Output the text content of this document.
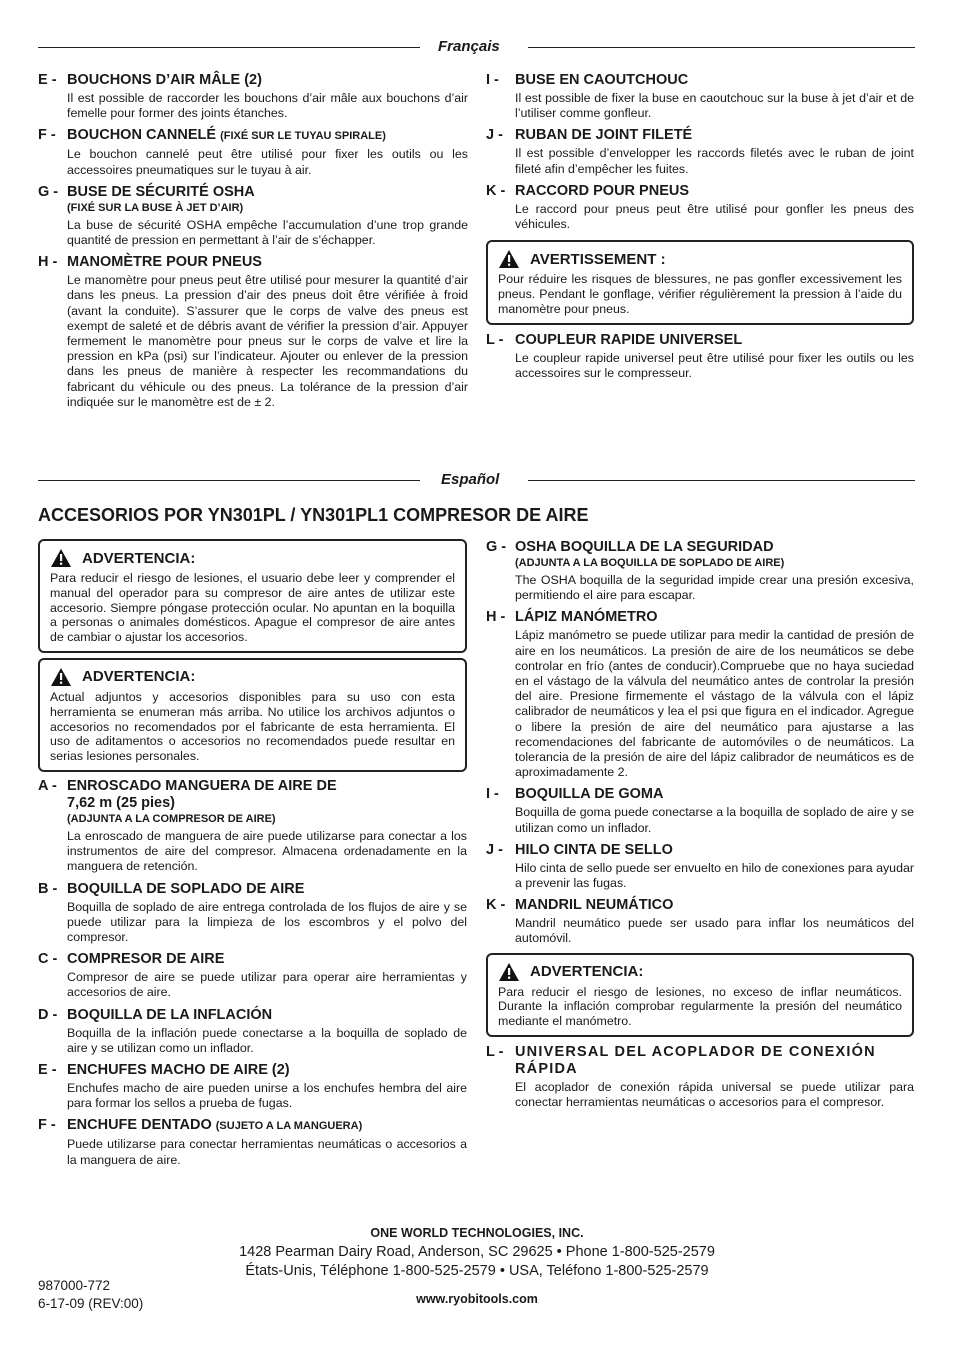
Français
E - BOUCHONS D’AIR MÂLE (2)
Il est possible de raccorder les bouchons d’air mâle aux bouchons d’air femelle pour former des joints étanches.
F - BOUCHON CANNELÉ (FIXÉ SUR LE TUYAU SPIRALE)
Le bouchon cannelé peut être utilisé pour fixer les outils ou les accessoires pneumatiques sur le tuyau à air.
G - BUSE DE SÉCURITÉ OSHA
(FIXÉ SUR LA BUSE À JET D’AIR)
La buse de sécurité OSHA empêche l’accumulation d’une trop grande quantité de pression en permettant à l’air de s’échapper.
H - MANOMÈTRE POUR PNEUS
Le manomètre pour pneus peut être utilisé pour mesurer la quantité d’air dans les pneus. La pression d’air des pneus doit être vérifiée à froid (avant la conduite). S’assurer que le corps de valve des pneus est exempt de saleté et de débris avant de vérifier la pression d’air. Appuyer fermement le manomètre pour pneus sur le corps de valve et lire la pression en kPa (psi) sur l’indicateur. Ajouter ou enlever de la pression dans les pneus de manière à respecter les recommandations du fabricant du véhicule ou des pneus. La tolérance de la pression d’air indiquée sur le manomètre est de ± 2.
I -	BUSE EN CAOUTCHOUC
Il est possible de fixer la buse en caoutchouc sur la buse à jet d’air et de l’utiliser comme gonfleur.
J - RUBAN DE JOINT FILETÉ
Il est possible d’envelopper les raccords filetés avec le ruban de joint fileté afin d’empêcher les fuites.
K - RACCORD POUR PNEUS
Le raccord pour pneus peut être utilisé pour gonfler les pneus des véhicules.
AVERTISSEMENT :
Pour réduire les risques de blessures, ne pas gonfler excessivement les pneus. Pendant le gonflage, vérifier régulièrement la pression à l’aide du manomètre pour pneus.
L - COUPLEUR RAPIDE UNIVERSEL
Le coupleur rapide universel peut être utilisé pour fixer les outils ou les accessoires sur le compresseur.
Español
ACCESORIOS POR YN301PL / YN301PL1 COMPRESOR DE AIRE
ADVERTENCIA:
Para reducir el riesgo de lesiones, el usuario debe leer y comprender el manual del operador para su compresor de aire antes de utilizar este accesorio. Siempre póngase protección ocular. No apuntan en la boquilla a personas o animales domésticos. Apague el compresor de aire antes de cambiar o ajustar los accesorios.
ADVERTENCIA:
Actual adjuntos y accesorios disponibles para su uso con esta herramienta se enumeran más arriba. No utilice los archivos adjuntos o accesorios no recomendados por el fabricante de esta herramienta. El uso de aditamentos o accesorios no recomendados puede resultar en serias lesiones personales.
A - ENROSCADO MANGUERA DE AIRE DE 7,62 m (25 pies)
(ADJUNTA A LA COMPRESOR DE AIRE)
La enroscado de manguera de aire puede utilizarse para conectar a los instrumentos de aire del compresor. Almacena ordenadamente en la manguera de retención.
B - BOQUILLA DE SOPLADO DE AIRE
Boquilla de soplado de aire entrega controlada de los flujos de aire y se puede utilizar para la limpieza de los escombros y el polvo del compresor.
C - COMPRESOR DE AIRE
Compresor de aire se puede utilizar para operar aire herramientas y accesorios de aire.
D - BOQUILLA DE LA INFLACIÓN
Boquilla de la inflación puede conectarse a la boquilla de soplado de aire y se utilizan como un inflador.
E - ENCHUFES MACHO DE AIRE (2)
Enchufes macho de aire pueden unirse a los enchufes hembra del aire para formar los sellos a prueba de fugas.
F - ENCHUFE DENTADO (SUJETO A LA MANGUERA)
Puede utilizarse para conectar herramientas neumáticas o accesorios a la manguera de aire.
G - OSHA BOQUILLA DE LA SEGURIDAD
(ADJUNTA A LA BOQUILLA DE SOPLADO DE AIRE)
The OSHA boquilla de la seguridad impide crear una presión excesiva, permitiendo el aire para escapar.
H - LÁPIZ MANÓMETRO
Lápiz manómetro se puede utilizar para medir la cantidad de presión de aire en los neumáticos. La presión de aire de los neumáticos se debe controlar en frío (antes de conducir).Compruebe que no haya suciedad en el vástago de la válvula del neumático antes de controlar la presión del aire. Presione firmemente el vástago de la válvula con el lápiz calibrador de neumáticos y lea el psi que figura en el indicador. Agregue o libere la presión de aire del neumático para ajustarse a las recomendaciones del fabricante de automóviles o de neumáticos. La tolerancia de la presión de aire del lápiz calibrador de neumáticos es de aproximadamente 2.
I -	BOQUILLA DE GOMA
Boquilla de goma puede conectarse a la boquilla de soplado de aire y se utilizan como un inflador.
J - HILO CINTA DE SELLO
Hilo cinta de sello puede ser envuelto en hilo de conexiones para ayudar a prevenir las fugas.
K - MANDRIL NEUMÁTICO
Mandril neumático puede ser usado para inflar los neumáticos del automóvil.
ADVERTENCIA:
Para reducir el riesgo de lesiones, no exceso de inflar neumáticos. Durante la inflación comprobar regularmente la presión del neumático mediante el manómetro.
L - UNIVERSAL DEL ACOPLADOR DE CONEXIÓN RÁPIDA
El acoplador de conexión rápida universal se puede utilizar para conectar herramientas neumáticas o accesorios para el compresor.
ONE WORLD TECHNOLOGIES, INC.
1428 Pearman Dairy Road, Anderson, SC 29625 • Phone 1-800-525-2579
États-Unis, Téléphone 1-800-525-2579 • USA, Teléfono 1-800-525-2579
www.ryobitools.com
987000-772
6-17-09 (REV:00)
